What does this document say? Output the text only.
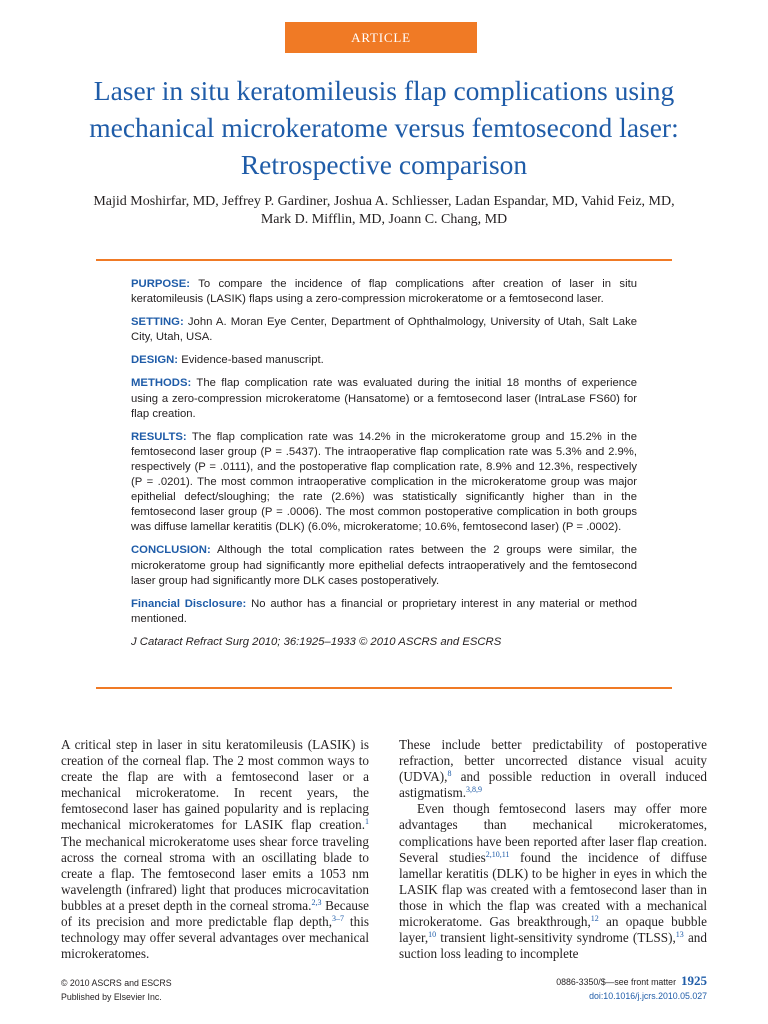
ARTICLE
Laser in situ keratomileusis flap complications using mechanical microkeratome versus femtosecond laser: Retrospective comparison

Majid Moshirfar, MD, Jeffrey P. Gardiner, Joshua A. Schliesser, Ladan Espandar, MD, Vahid Feiz, MD,
Mark D. Mifflin, MD, Joann C. Chang, MD

PURPOSE: To compare the incidence of flap complications after creation of laser in situ keratomileusis (LASIK) flaps using a zero-compression microkeratome or a femtosecond laser.

SETTING: John A. Moran Eye Center, Department of Ophthalmology, University of Utah, Salt Lake City, Utah, USA.

DESIGN: Evidence-based manuscript.

METHODS: The flap complication rate was evaluated during the initial 18 months of experience using a zero-compression microkeratome (Hansatome) or a femtosecond laser (IntraLase FS60) for flap creation.

RESULTS: The flap complication rate was 14.2% in the microkeratome group and 15.2% in the femtosecond laser group (P = .5437). The intraoperative flap complication rate was 5.3% and 2.9%, respectively (P = .0111), and the postoperative flap complication rate, 8.9% and 12.3%, respectively (P = .0201). The most common intraoperative complication in the microkeratome group was major epithelial defect/sloughing; the rate (2.6%) was statistically significantly higher than in the femtosecond laser group (P = .0006). The most common postoperative complication in both groups was diffuse lamellar keratitis (DLK) (6.0%, microkeratome; 10.6%, femtosecond laser) (P = .0002).

CONCLUSION: Although the total complication rates between the 2 groups were similar, the microkeratome group had significantly more epithelial defects intraoperatively and the femtosecond laser group had significantly more DLK cases postoperatively.

Financial Disclosure: No author has a financial or proprietary interest in any material or method mentioned.

J Cataract Refract Surg 2010; 36:1925–1933 © 2010 ASCRS and ESCRS

A critical step in laser in situ keratomileusis (LASIK) is creation of the corneal flap. The 2 most common ways to create the flap are with a femtosecond laser or a mechanical microkeratome. In recent years, the femtosecond laser has gained popularity and is replacing mechanical microkeratomes for LASIK flap creation.$^1$ The mechanical microkeratome uses shear force traveling across the corneal stroma with an oscillating blade to create a flap. The femtosecond laser emits a 1053 nm wavelength (infrared) light that produces microcavitation bubbles at a preset depth in the corneal stroma.$^{2,3}$ Because of its precision and more predictable flap depth,$^{3-7}$ this technology may offer several advantages over mechanical microkeratomes.

These include better predictability of postoperative refraction, better uncorrected distance visual acuity (UDVA),$^8$ and possible reduction in overall induced astigmatism.$^{3,8,9}$

Even though femtosecond lasers may offer more advantages than mechanical microkeratomes, complications have been reported after laser flap creation. Several studies$^{2,10,11}$ found the incidence of diffuse lamellar keratitis (DLK) to be higher in eyes in which the LASIK flap was created with a femtosecond laser than in those in which the flap was created with a mechanical microkeratome. Gas breakthrough,$^{12}$ an opaque bubble layer,$^{10}$ transient light-sensitivity syndrome (TLSS),$^{13}$ and suction loss leading to incomplete

© 2010 ASCRS and ESCRS
Published by Elsevier Inc.
0886-3350/$—see front matter 1925
doi:10.1016/j.jcrs.2010.05.027
